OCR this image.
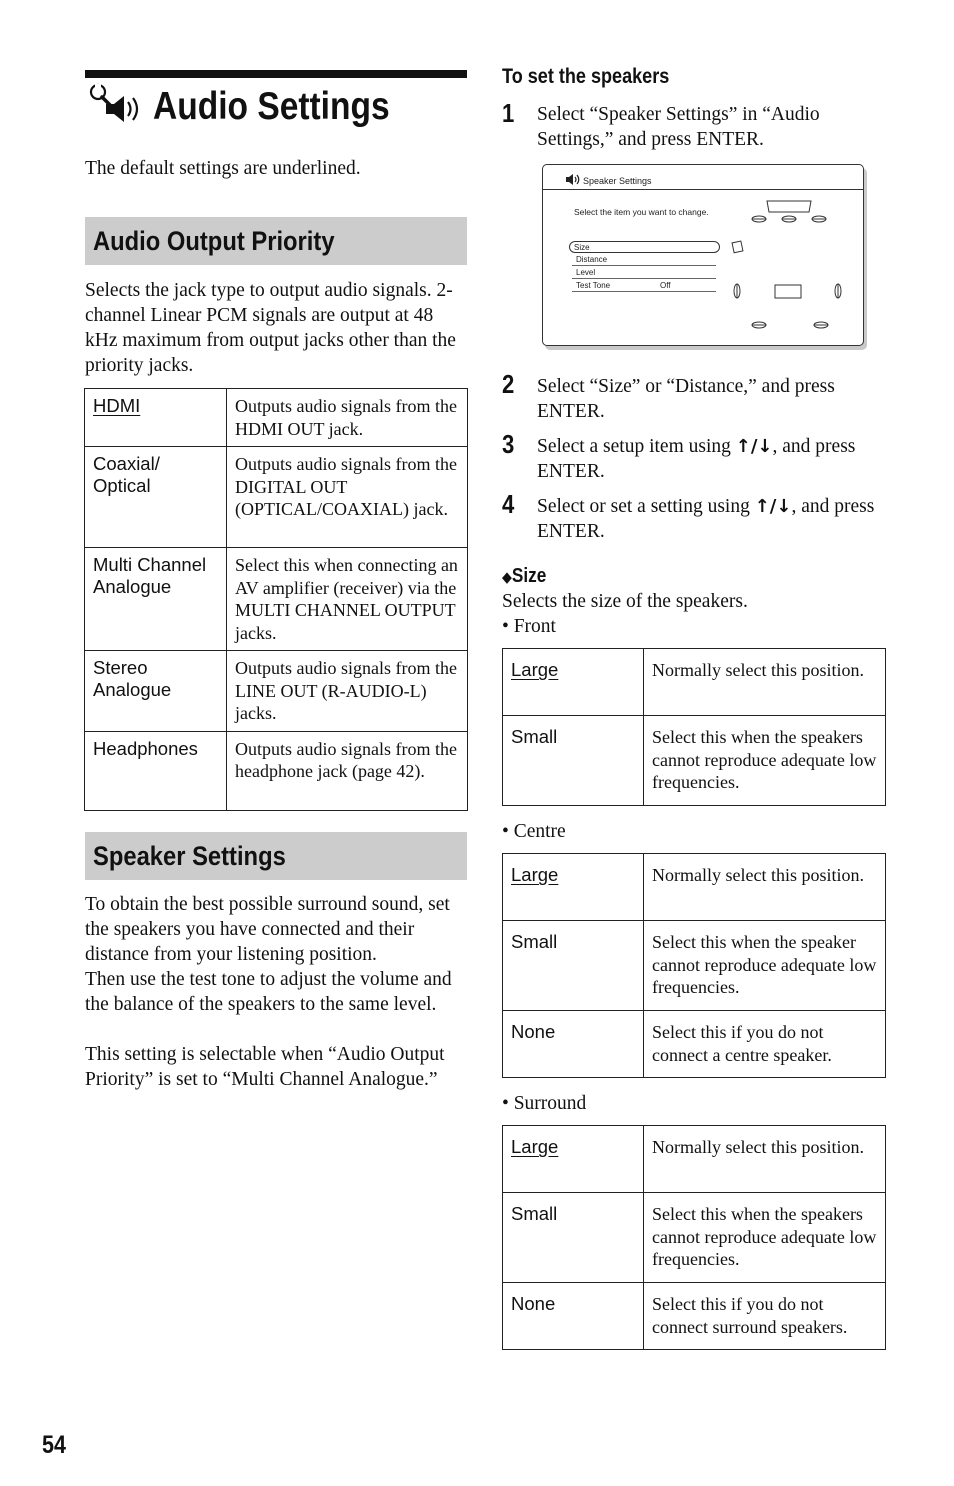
Audio Settings
The default settings are underlined.
Audio Output Priority
Selects the jack type to output audio signals. 2-channel Linear PCM signals are output at 48 kHz maximum from output jacks other than the priority jacks.
HDMI	Outputs audio signals from the HDMI OUT jack.
Coaxial/ Optical	Outputs audio signals from the DIGITAL OUT (OPTICAL/COAXIAL) jack.
Multi Channel Analogue	Select this when connecting an AV amplifier (receiver) via the MULTI CHANNEL OUTPUT jacks.
Stereo Analogue	Outputs audio signals from the LINE OUT (R-AUDIO-L) jacks.
Headphones	Outputs audio signals from the headphone jack (page 42).
Speaker Settings
To obtain the best possible surround sound, set the speakers you have connected and their distance from your listening position.
Then use the test tone to adjust the volume and the balance of the speakers to the same level.
This setting is selectable when “Audio Output Priority” is set to “Multi Channel Analogue.”
To set the speakers
1 Select “Speaker Settings” in “Audio Settings,” and press ENTER.
Speaker Settings
Select the item you want to change.
Size
Distance
Level
Test Tone	Off
2 Select “Size” or “Distance,” and press ENTER.
3 Select a setup item using ↑/↓, and press ENTER.
4 Select or set a setting using ↑/↓, and press ENTER.
◆Size
Selects the size of the speakers.
• Front
Large	Normally select this position.
Small	Select this when the speakers cannot reproduce adequate low frequencies.
• Centre
Large	Normally select this position.
Small	Select this when the speaker cannot reproduce adequate low frequencies.
None	Select this if you do not connect a centre speaker.
• Surround
Large	Normally select this position.
Small	Select this when the speakers cannot reproduce adequate low frequencies.
None	Select this if you do not connect surround speakers.
54
